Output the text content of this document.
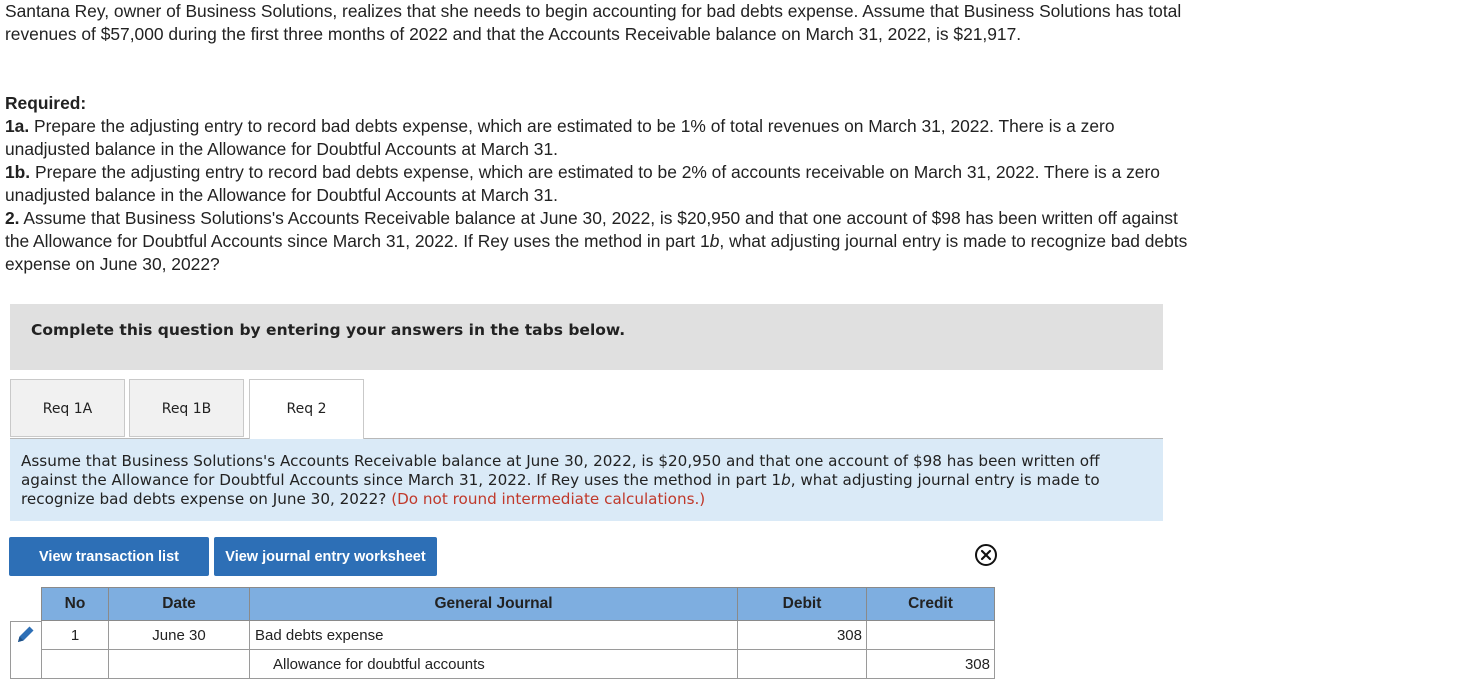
Santana Rey, owner of Business Solutions, realizes that she needs to begin accounting for bad debts expense. Assume that Business Solutions has total revenues of $57,000 during the first three months of 2022 and that the Accounts Receivable balance on March 31, 2022, is $21,917.

Required:

1a. Prepare the adjusting entry to record bad debts expense, which are estimated to be 1% of total revenues on March 31, 2022. There is a zero unadjusted balance in the Allowance for Doubtful Accounts at March 31.

1b. Prepare the adjusting entry to record bad debts expense, which are estimated to be 2% of accounts receivable on March 31, 2022. There is a zero unadjusted balance in the Allowance for Doubtful Accounts at March 31.

2. Assume that Business Solutions's Accounts Receivable balance at June 30, 2022, is $20,950 and that one account of $98 has been written off against the Allowance for Doubtful Accounts since March 31, 2022. If Rey uses the method in part 1b, what adjusting journal entry is made to recognize bad debts expense on June 30, 2022?

Complete this question by entering your answers in the tabs below.
Req 1A	Req 1B	Req 2

Assume that Business Solutions's Accounts Receivable balance at June 30, 2022, is $20,950 and that one account of $98 has been written off against the Allowance for Doubtful Accounts since March 31, 2022. If Rey uses the method in part 1b, what adjusting journal entry is made to recognize bad debts expense on June 30, 2022? (Do not round intermediate calculations.)

View transaction list	View journal entry worksheet
No	Date	General Journal	Debit	Credit
1	June 30	Bad debts expense	308	
		Allowance for doubtful accounts		308
